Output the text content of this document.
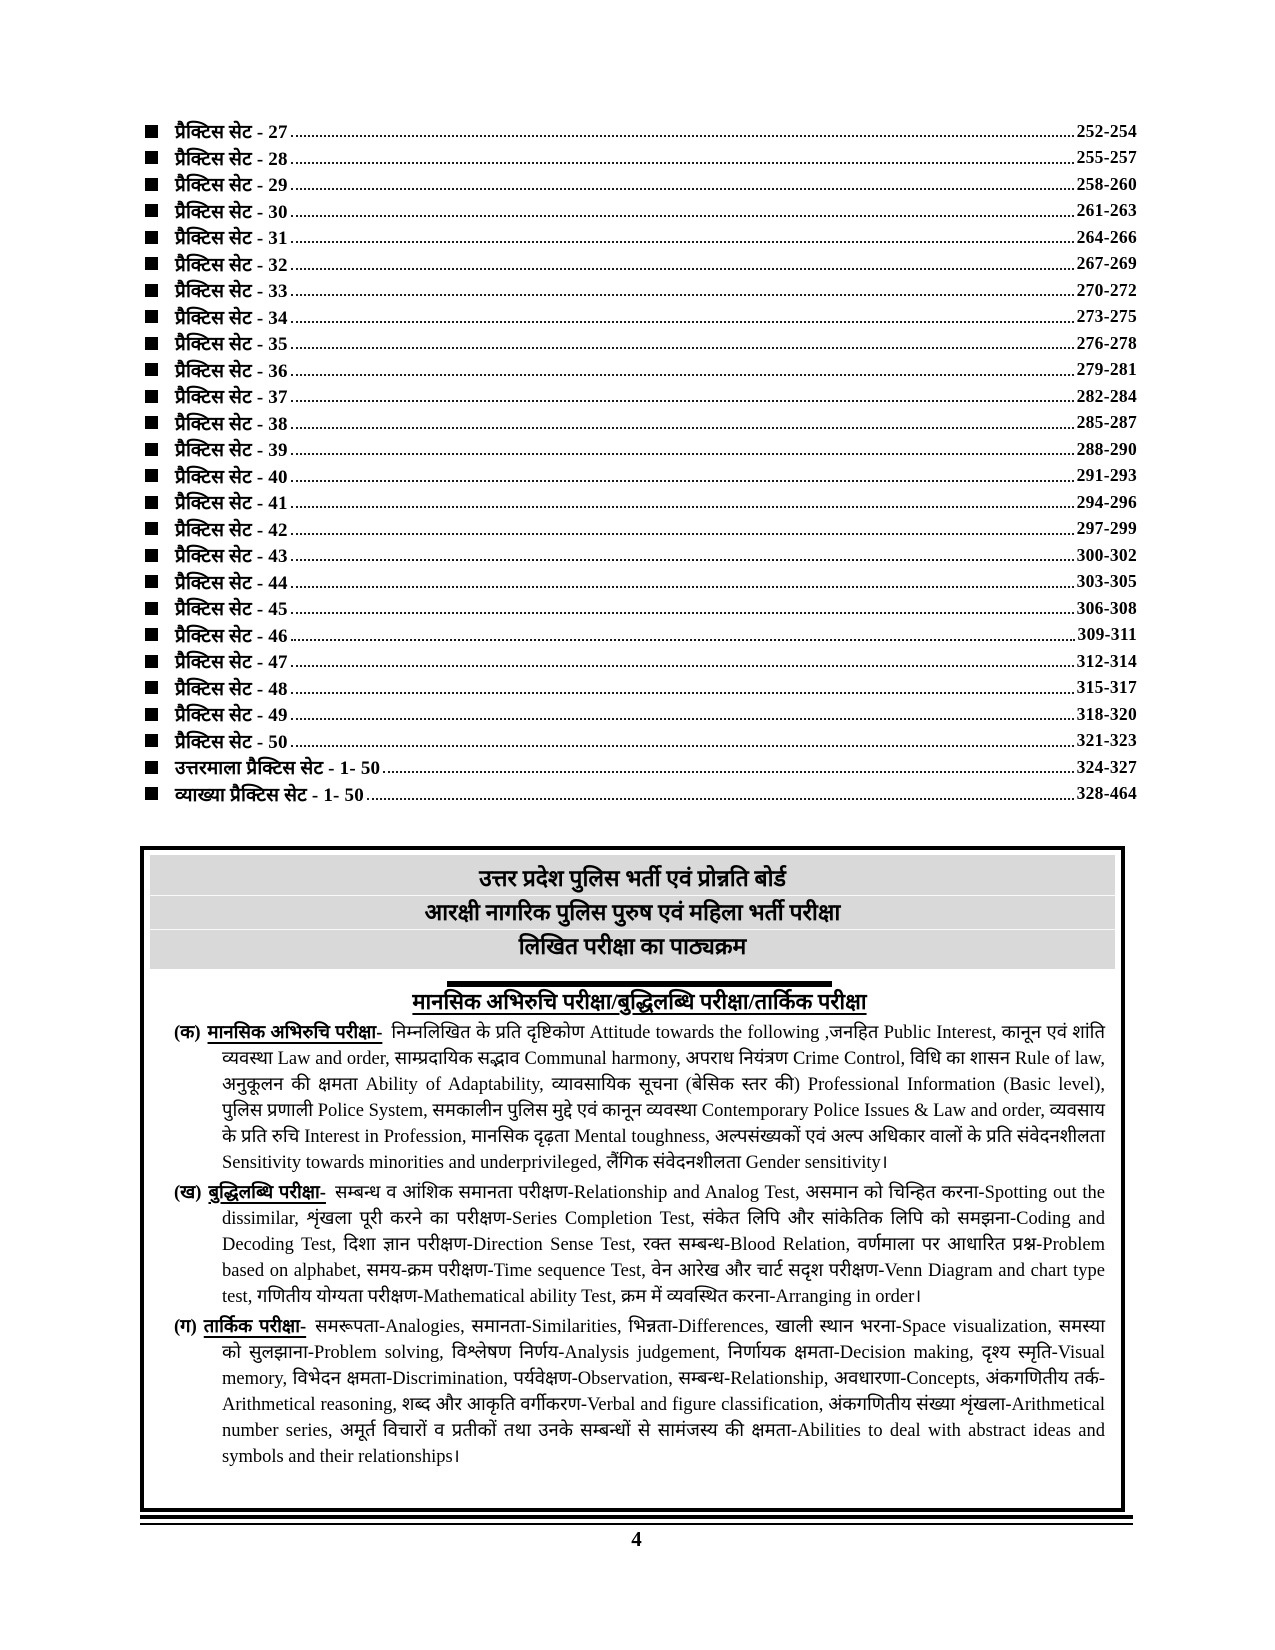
प्रैक्टिस सेट - 27	252-254
प्रैक्टिस सेट - 28	255-257
प्रैक्टिस सेट - 29	258-260
प्रैक्टिस सेट - 30	261-263
प्रैक्टिस सेट - 31	264-266
प्रैक्टिस सेट - 32	267-269
प्रैक्टिस सेट - 33	270-272
प्रैक्टिस सेट - 34	273-275
प्रैक्टिस सेट - 35	276-278
प्रैक्टिस सेट - 36	279-281
प्रैक्टिस सेट - 37	282-284
प्रैक्टिस सेट - 38	285-287
प्रैक्टिस सेट - 39	288-290
प्रैक्टिस सेट - 40	291-293
प्रैक्टिस सेट - 41	294-296
प्रैक्टिस सेट - 42	297-299
प्रैक्टिस सेट - 43	300-302
प्रैक्टिस सेट - 44	303-305
प्रैक्टिस सेट - 45	306-308
प्रैक्टिस सेट - 46	309-311
प्रैक्टिस सेट - 47	312-314
प्रैक्टिस सेट - 48	315-317
प्रैक्टिस सेट - 49	318-320
प्रैक्टिस सेट - 50	321-323
उत्तरमाला प्रैक्टिस सेट - 1- 50	324-327
व्याख्या प्रैक्टिस सेट - 1- 50	328-464
उत्तर प्रदेश पुलिस भर्ती एवं प्रोन्नति बोर्ड
आरक्षी नागरिक पुलिस पुरुष एवं महिला भर्ती परीक्षा
लिखित परीक्षा का पाठ्यक्रम
मानसिक अभिरुचि परीक्षा/बुद्धिलब्धि परीक्षा/तार्किक परीक्षा

(क) मानसिक अभिरुचि परीक्षा- निम्नलिखित के प्रति दृष्टिकोण Attitude towards the following ,जनहित Public Interest, कानून एवं शांति व्यवस्था Law and order, साम्प्रदायिक सद्भाव Communal harmony, अपराध नियंत्रण Crime Control, विधि का शासन Rule of law, अनुकूलन की क्षमता Ability of Adaptability, व्यावसायिक सूचना (बेसिक स्तर की) Professional Information (Basic level), पुलिस प्रणाली Police System, समकालीन पुलिस मुद्दे एवं कानून व्यवस्था Contemporary Police Issues & Law and order, व्यवसाय के प्रति रुचि Interest in Profession, मानसिक दृढ़ता Mental toughness, अल्पसंख्यकों एवं अल्प अधिकार वालों के प्रति संवेदनशीलता Sensitivity towards minorities and underprivileged, लैंगिक संवेदनशीलता Gender sensitivity।

(ख) बुद्धिलब्धि परीक्षा- सम्बन्ध व आंशिक समानता परीक्षण-Relationship and Analog Test, असमान को चिन्हित करना-Spotting out the dissimilar, शृंखला पूरी करने का परीक्षण-Series Completion Test, संकेत लिपि और सांकेतिक लिपि को समझना-Coding and Decoding Test, दिशा ज्ञान परीक्षण-Direction Sense Test, रक्त सम्बन्ध-Blood Relation, वर्णमाला पर आधारित प्रश्न-Problem based on alphabet, समय-क्रम परीक्षण-Time sequence Test, वेन आरेख और चार्ट सदृश परीक्षण-Venn Diagram and chart type test, गणितीय योग्यता परीक्षण-Mathematical ability Test, क्रम में व्यवस्थित करना-Arranging in order।

(ग) तार्किक परीक्षा- समरूपता-Analogies, समानता-Similarities, भिन्नता-Differences, खाली स्थान भरना-Space visualization, समस्या को सुलझाना-Problem solving, विश्लेषण निर्णय-Analysis judgement, निर्णायक क्षमता-Decision making, दृश्य स्मृति-Visual memory, विभेदन क्षमता-Discrimination, पर्यवेक्षण-Observation, सम्बन्ध-Relationship, अवधारणा-Concepts, अंकगणितीय तर्क-Arithmetical reasoning, शब्द और आकृति वर्गीकरण-Verbal and figure classification, अंकगणितीय संख्या शृंखला-Arithmetical number series, अमूर्त विचारों व प्रतीकों तथा उनके सम्बन्धों से सामंजस्य की क्षमता-Abilities to deal with abstract ideas and symbols and their relationships।

4
